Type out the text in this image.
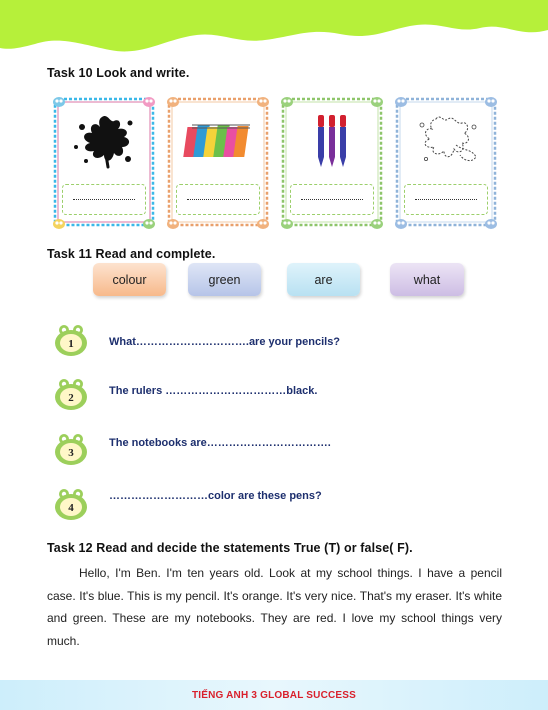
Task 10 Look and write.
Task 11 Read and complete.
colour	green	are	what
1	What………………………….are your pencils?
2
The rulers ……………………………black.
3
The notebooks are…………………………….
4
………………………color are these pens?
Task 12 Read and decide the statements True (T) or false( F).
Hello, I'm Ben. I'm ten years old. Look at my school things. I have a pencil case. It's blue. This is my pencil. It's orange. It's very nice. That's my eraser. It's white and green. These are my notebooks. They are red. I love my school things very much.
TIẾNG ANH 3 GLOBAL SUCCESS
